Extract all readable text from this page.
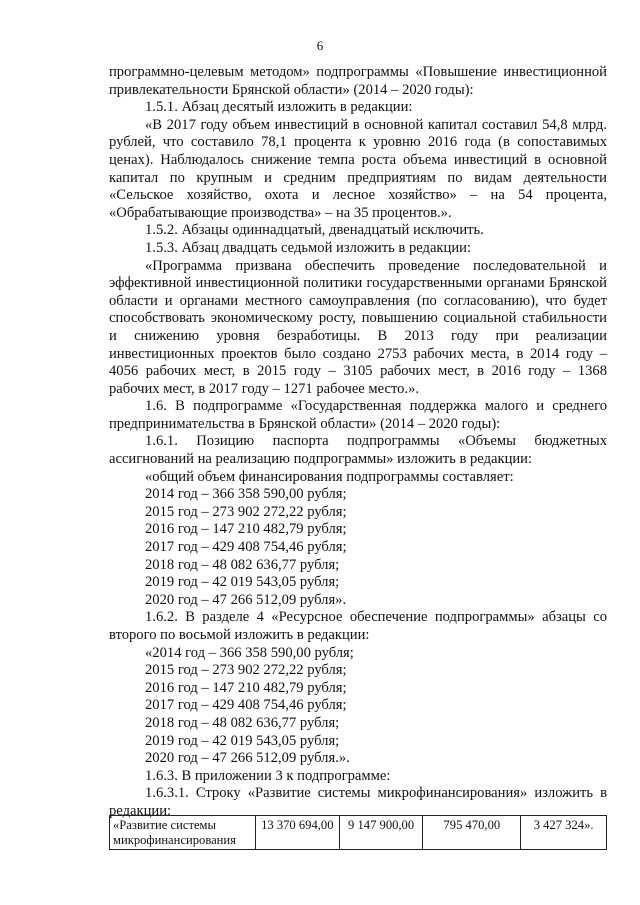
6

программно-целевым методом» подпрограммы «Повышение инвестиционной привлекательности Брянской области» (2014 – 2020 годы):

1.5.1. Абзац десятый изложить в редакции:

«В 2017 году объем инвестиций в основной капитал составил 54,8 млрд. рублей, что составило 78,1 процента к уровню 2016 года (в сопоставимых ценах). Наблюдалось снижение темпа роста объема инвестиций в основной капитал по крупным и средним предприятиям по видам деятельности «Сельское хозяйство, охота и лесное хозяйство» – на 54 процента, «Обрабатывающие производства» – на 35 процентов.».

1.5.2. Абзацы одиннадцатый, двенадцатый исключить.

1.5.3. Абзац двадцать седьмой изложить в редакции:

«Программа призвана обеспечить проведение последовательной и эффективной инвестиционной политики государственными органами Брянской области и органами местного самоуправления (по согласованию), что будет способствовать экономическому росту, повышению социальной стабильности и снижению уровня безработицы. В 2013 году при реализации инвестиционных проектов было создано 2753 рабочих места, в 2014 году – 4056 рабочих мест, в 2015 году – 3105 рабочих мест, в 2016 году – 1368 рабочих мест, в 2017 году – 1271 рабочее место.».

1.6. В подпрограмме «Государственная поддержка малого и среднего предпринимательства в Брянской области» (2014 – 2020 годы):

1.6.1. Позицию паспорта подпрограммы «Объемы бюджетных ассигнований на реализацию подпрограммы» изложить в редакции:

«общий объем финансирования подпрограммы составляет:
2014 год – 366 358 590,00 рубля;
2015 год – 273 902 272,22 рубля;
2016 год – 147 210 482,79 рубля;
2017 год – 429 408 754,46 рубля;
2018 год – 48 082 636,77 рубля;
2019 год – 42 019 543,05 рубля;
2020 год – 47 266 512,09 рубля».

1.6.2. В разделе 4 «Ресурсное обеспечение подпрограммы» абзацы со второго по восьмой изложить в редакции:

«2014 год – 366 358 590,00 рубля;
2015 год – 273 902 272,22 рубля;
2016 год – 147 210 482,79 рубля;
2017 год – 429 408 754,46 рубля;
2018 год – 48 082 636,77 рубля;
2019 год – 42 019 543,05 рубля;
2020 год – 47 266 512,09 рубля.».

1.6.3. В приложении 3 к подпрограмме:

1.6.3.1. Строку «Развитие системы микрофинансирования» изложить в редакции:

«Развитие системы микрофинансирования	13 370 694,00	9 147 900,00	795 470,00	3 427 324».
